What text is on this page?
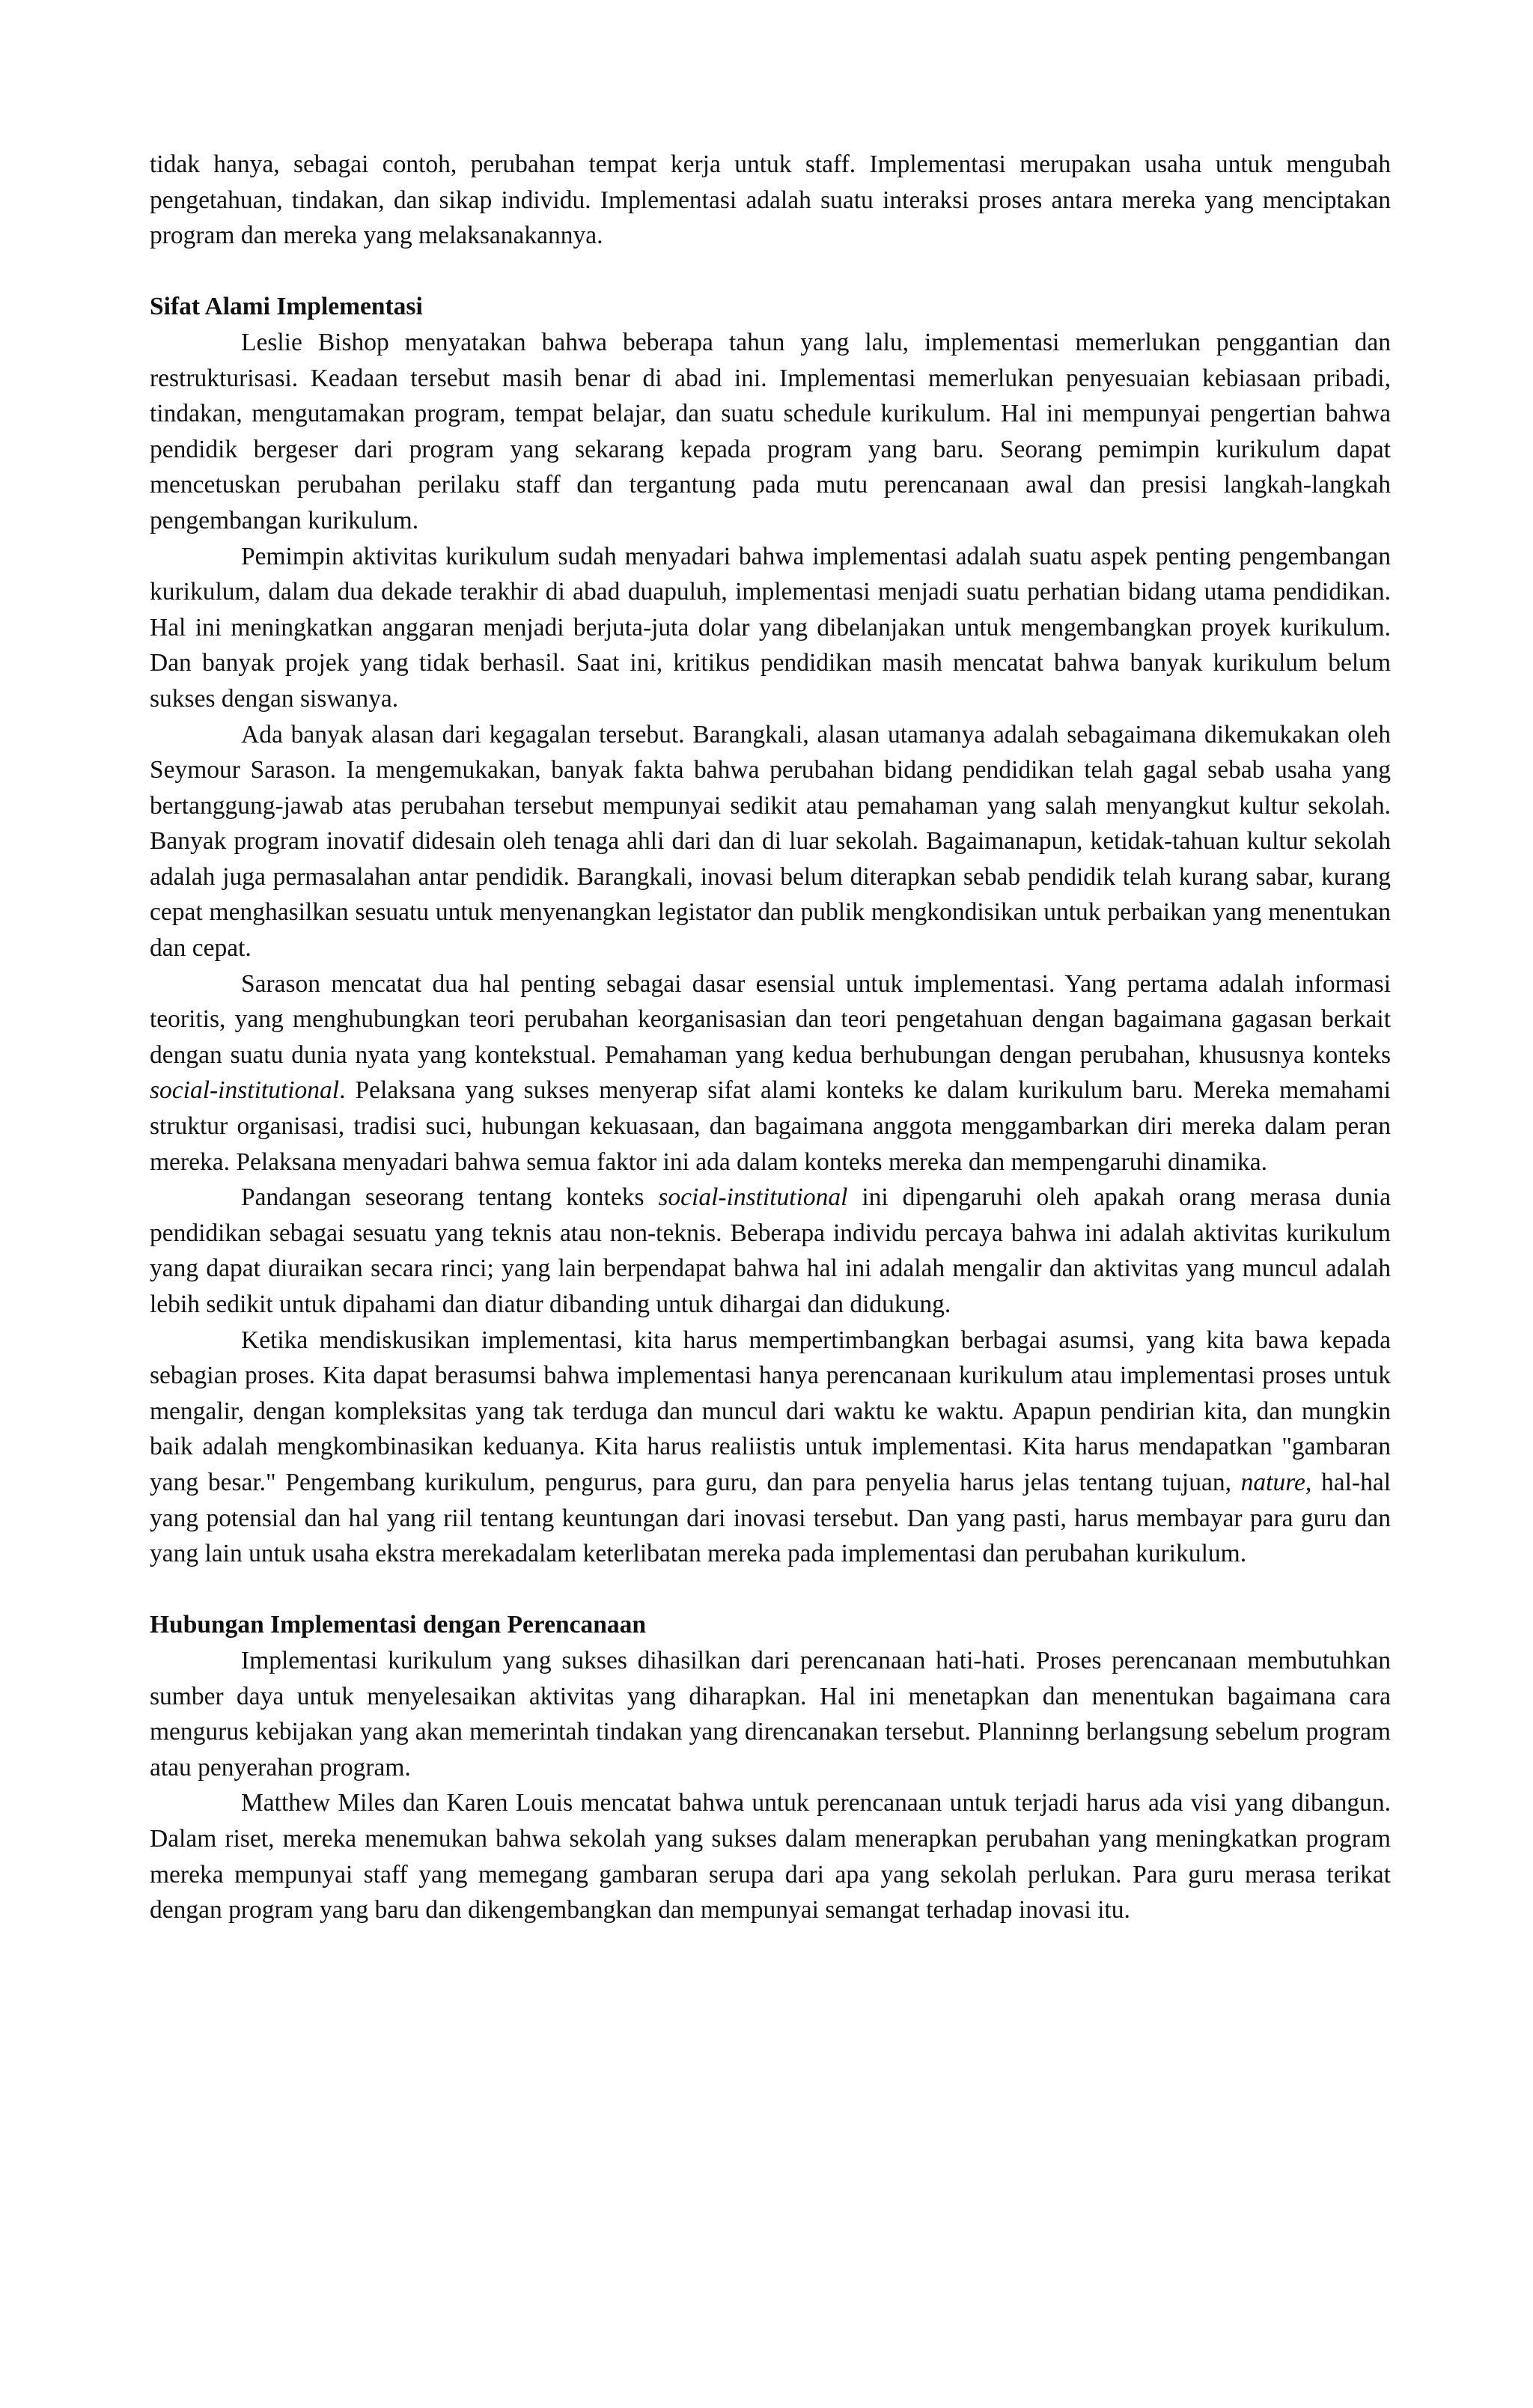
tidak hanya, sebagai contoh, perubahan tempat kerja untuk staff. Implementasi merupakan usaha untuk mengubah pengetahuan, tindakan, dan sikap individu. Implementasi adalah suatu interaksi proses antara mereka yang menciptakan program dan mereka yang melaksanakannya.

Sifat Alami Implementasi

Leslie Bishop menyatakan bahwa beberapa tahun yang lalu, implementasi memerlukan penggantian dan restrukturisasi. Keadaan tersebut masih benar di abad ini. Implementasi memerlukan penyesuaian kebiasaan pribadi, tindakan, mengutamakan program, tempat belajar, dan suatu schedule kurikulum. Hal ini mempunyai pengertian bahwa pendidik bergeser dari program yang sekarang kepada program yang baru. Seorang pemimpin kurikulum dapat mencetuskan perubahan perilaku staff dan tergantung pada mutu perencanaan awal dan presisi langkah-langkah pengembangan kurikulum.

Pemimpin aktivitas kurikulum sudah menyadari bahwa implementasi adalah suatu aspek penting pengembangan kurikulum, dalam dua dekade terakhir di abad duapuluh, implementasi menjadi suatu perhatian bidang utama pendidikan. Hal ini meningkatkan anggaran menjadi berjuta-juta dolar yang dibelanjakan untuk mengembangkan proyek kurikulum. Dan banyak projek yang tidak berhasil. Saat ini, kritikus pendidikan masih mencatat bahwa banyak kurikulum belum sukses dengan siswanya.

Ada banyak alasan dari kegagalan tersebut. Barangkali, alasan utamanya adalah sebagaimana dikemukakan oleh Seymour Sarason. Ia mengemukakan, banyak fakta bahwa perubahan bidang pendidikan telah gagal sebab usaha yang bertanggung-jawab atas perubahan tersebut mempunyai sedikit atau pemahaman yang salah menyangkut kultur sekolah. Banyak program inovatif didesain oleh tenaga ahli dari dan di luar sekolah. Bagaimanapun, ketidak-tahuan kultur sekolah adalah juga permasalahan antar pendidik. Barangkali, inovasi belum diterapkan sebab pendidik telah kurang sabar, kurang cepat menghasilkan sesuatu untuk menyenangkan legistator dan publik mengkondisikan untuk perbaikan yang menentukan dan cepat.

Sarason mencatat dua hal penting sebagai dasar esensial untuk implementasi. Yang pertama adalah informasi teoritis, yang menghubungkan teori perubahan keorganisasian dan teori pengetahuan dengan bagaimana gagasan berkait dengan suatu dunia nyata yang kontekstual. Pemahaman yang kedua berhubungan dengan perubahan, khususnya konteks social-institutional. Pelaksana yang sukses menyerap sifat alami konteks ke dalam kurikulum baru. Mereka memahami struktur organisasi, tradisi suci, hubungan kekuasaan, dan bagaimana anggota menggambarkan diri mereka dalam peran mereka. Pelaksana menyadari bahwa semua faktor ini ada dalam konteks mereka dan mempengaruhi dinamika.

Pandangan seseorang tentang konteks social-institutional ini dipengaruhi oleh apakah orang merasa dunia pendidikan sebagai sesuatu yang teknis atau non-teknis. Beberapa individu percaya bahwa ini adalah aktivitas kurikulum yang dapat diuraikan secara rinci; yang lain berpendapat bahwa hal ini adalah mengalir dan aktivitas yang muncul adalah lebih sedikit untuk dipahami dan diatur dibanding untuk dihargai dan didukung.

Ketika mendiskusikan implementasi, kita harus mempertimbangkan berbagai asumsi, yang kita bawa kepada sebagian proses. Kita dapat berasumsi bahwa implementasi hanya perencanaan kurikulum atau implementasi proses untuk mengalir, dengan kompleksitas yang tak terduga dan muncul dari waktu ke waktu. Apapun pendirian kita, dan mungkin baik adalah mengkombinasikan keduanya. Kita harus realiistis untuk implementasi. Kita harus mendapatkan "gambaran yang besar." Pengembang kurikulum, pengurus, para guru, dan para penyelia harus jelas tentang tujuan, nature, hal-hal yang potensial dan hal yang riil tentang keuntungan dari inovasi tersebut. Dan yang pasti, harus membayar para guru dan yang lain untuk usaha ekstra merekadalam keterlibatan mereka pada implementasi dan perubahan kurikulum.

Hubungan Implementasi dengan Perencanaan

Implementasi kurikulum yang sukses dihasilkan dari perencanaan hati-hati. Proses perencanaan membutuhkan sumber daya untuk menyelesaikan aktivitas yang diharapkan. Hal ini menetapkan dan menentukan bagaimana cara mengurus kebijakan yang akan memerintah tindakan yang direncanakan tersebut. Planninng berlangsung sebelum program atau penyerahan program.

Matthew Miles dan Karen Louis mencatat bahwa untuk perencanaan untuk terjadi harus ada visi yang dibangun. Dalam riset, mereka menemukan bahwa sekolah yang sukses dalam menerapkan perubahan yang meningkatkan program mereka mempunyai staff yang memegang gambaran serupa dari apa yang sekolah perlukan. Para guru merasa terikat dengan program yang baru dan dikengembangkan dan mempunyai semangat terhadap inovasi itu.
